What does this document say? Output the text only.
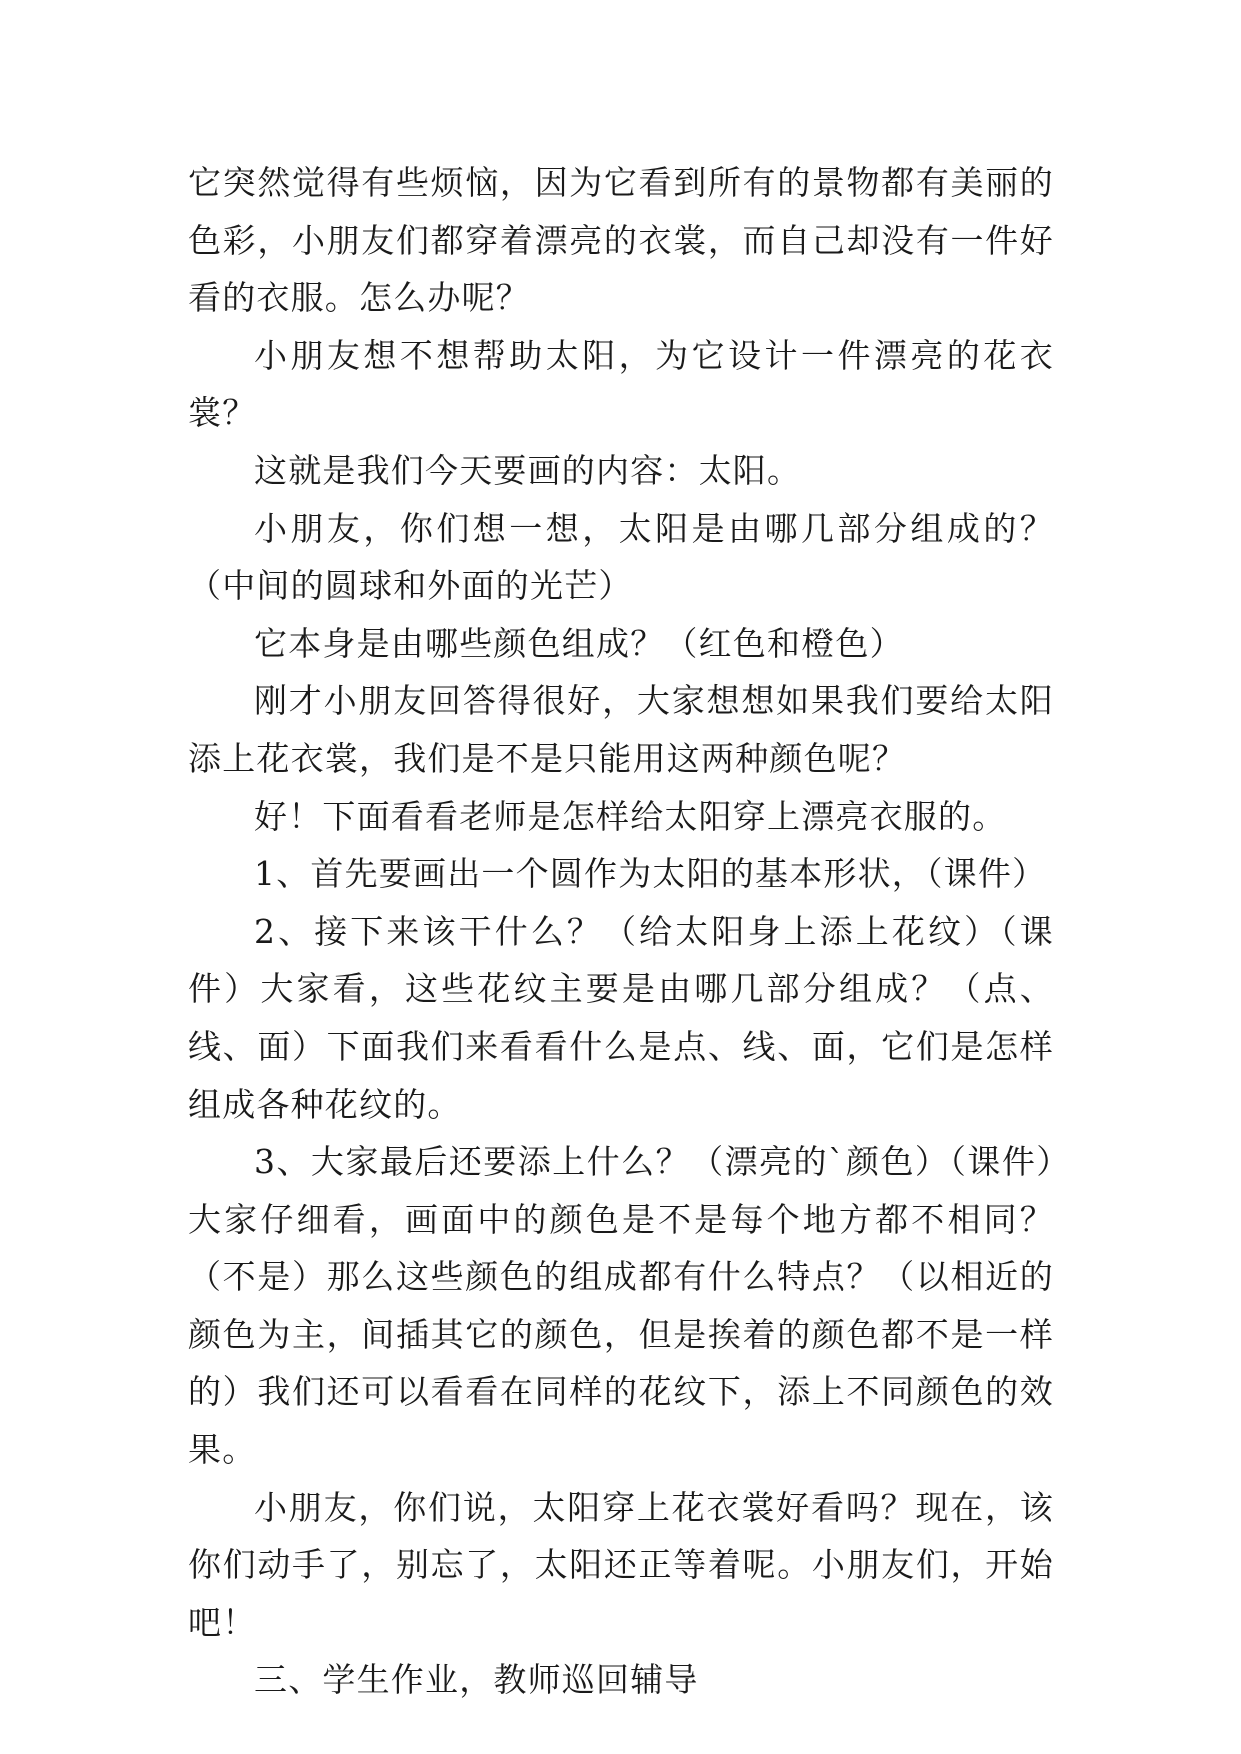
它突然觉得有些烦恼，因为它看到所有的景物都有美丽的色彩，小朋友们都穿着漂亮的衣裳，而自己却没有一件好看的衣服。怎么办呢？

小朋友想不想帮助太阳，为它设计一件漂亮的花衣裳？

这就是我们今天要画的内容：太阳。

小朋友，你们想一想，太阳是由哪几部分组成的？（中间的圆球和外面的光芒）

它本身是由哪些颜色组成？（红色和橙色）

刚才小朋友回答得很好，大家想想如果我们要给太阳添上花衣裳，我们是不是只能用这两种颜色呢？

好！下面看看老师是怎样给太阳穿上漂亮衣服的。

1、首先要画出一个圆作为太阳的基本形状，（课件）

2、接下来该干什么？（给太阳身上添上花纹）（课件）大家看，这些花纹主要是由哪几部分组成？（点、线、面）下面我们来看看什么是点、线、面，它们是怎样组成各种花纹的。

3、大家最后还要添上什么？（漂亮的`颜色）（课件）大家仔细看，画面中的颜色是不是每个地方都不相同？（不是）那么这些颜色的组成都有什么特点？（以相近的颜色为主，间插其它的颜色，但是挨着的颜色都不是一样的）我们还可以看看在同样的花纹下，添上不同颜色的效果。

小朋友，你们说，太阳穿上花衣裳好看吗？现在，该你们动手了，别忘了，太阳还正等着呢。小朋友们，开始吧！

三、学生作业，教师巡回辅导
